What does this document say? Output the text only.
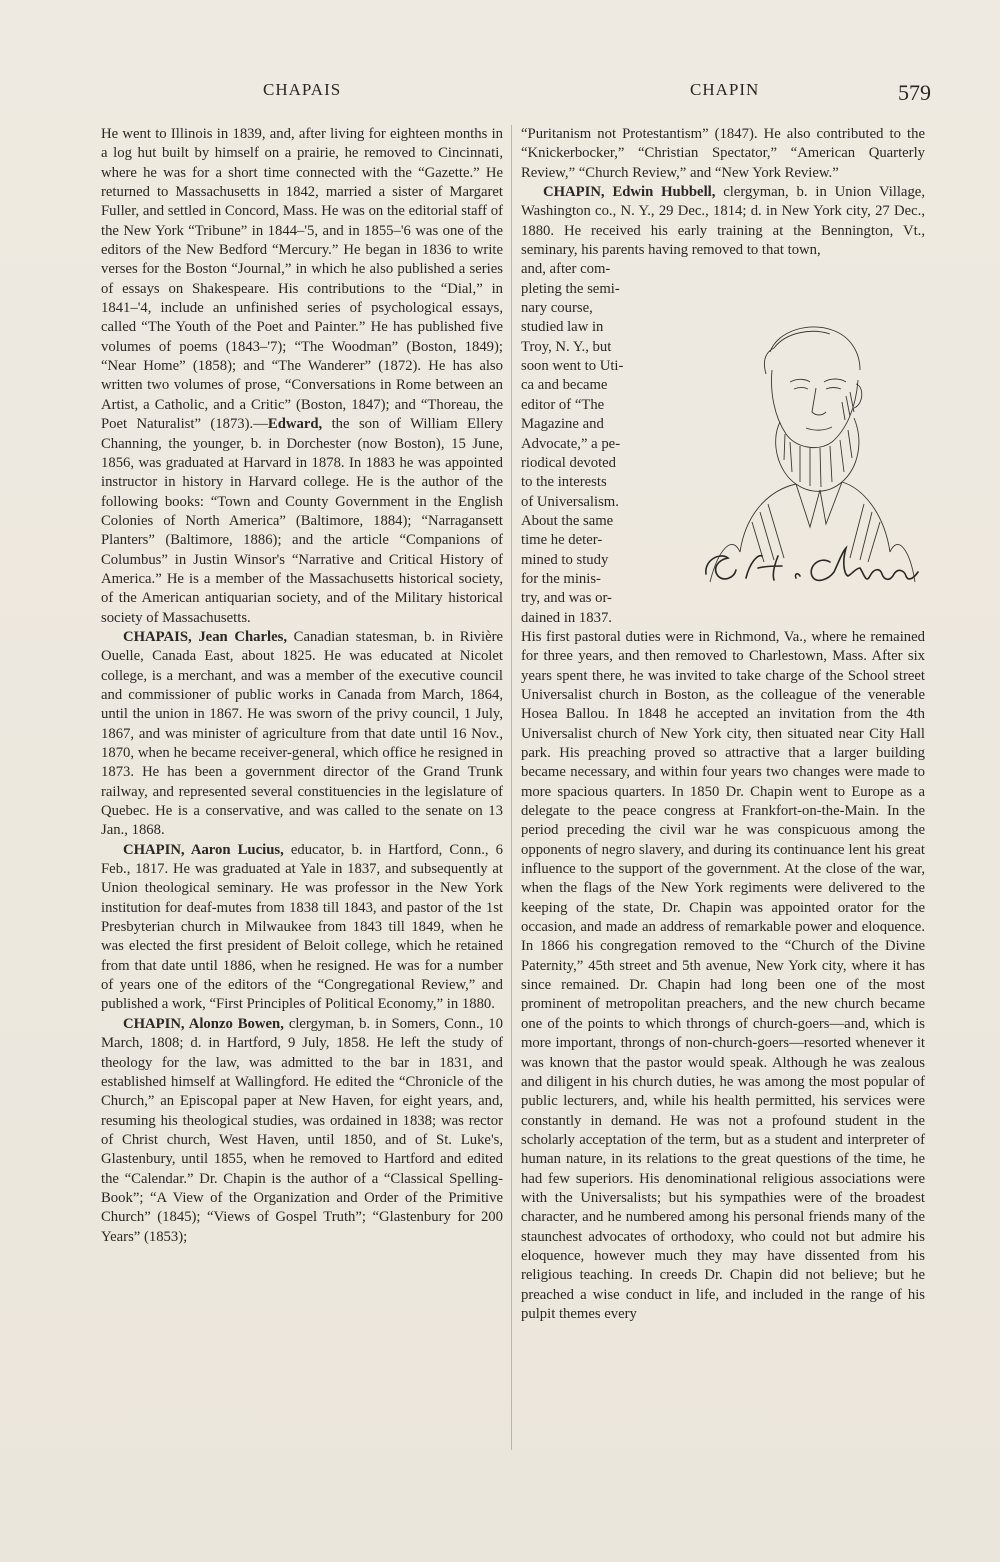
CHAPAIS	CHAPIN	579

He went to Illinois in 1839, and, after living for eighteen months in a log hut built by himself on a prairie, he removed to Cincinnati, where he was for a short time connected with the “Gazette.” He returned to Massachusetts in 1842, married a sister of Margaret Fuller, and settled in Concord, Mass. He was on the editorial staff of the New York “Tribune” in 1844–'5, and in 1855–'6 was one of the editors of the New Bedford “Mercury.” He began in 1836 to write verses for the Boston “Journal,” in which he also published a series of essays on Shakespeare. His contributions to the “Dial,” in 1841–'4, include an unfinished series of psychological essays, called “The Youth of the Poet and Painter.” He has published five volumes of poems (1843–'7); “The Woodman” (Boston, 1849); “Near Home” (1858); and “The Wanderer” (1872). He has also written two volumes of prose, “Conversations in Rome between an Artist, a Catholic, and a Critic” (Boston, 1847); and “Thoreau, the Poet Naturalist” (1873).—Edward, the son of William Ellery Channing, the younger, b. in Dorchester (now Boston), 15 June, 1856, was graduated at Harvard in 1878. In 1883 he was appointed instructor in history in Harvard college. He is the author of the following books: “Town and County Government in the English Colonies of North America” (Baltimore, 1884); “Narragansett Planters” (Baltimore, 1886); and the article “Companions of Columbus” in Justin Winsor's “Narrative and Critical History of America.” He is a member of the Massachusetts historical society, of the American antiquarian society, and of the Military historical society of Massachusetts.

CHAPAIS, Jean Charles, Canadian statesman, b. in Rivière Ouelle, Canada East, about 1825. He was educated at Nicolet college, is a merchant, and was a member of the executive council and commissioner of public works in Canada from March, 1864, until the union in 1867. He was sworn of the privy council, 1 July, 1867, and was minister of agriculture from that date until 16 Nov., 1870, when he became receiver-general, which office he resigned in 1873. He has been a government director of the Grand Trunk railway, and represented several constituencies in the legislature of Quebec. He is a conservative, and was called to the senate on 13 Jan., 1868.

CHAPIN, Aaron Lucius, educator, b. in Hartford, Conn., 6 Feb., 1817. He was graduated at Yale in 1837, and subsequently at Union theological seminary. He was professor in the New York institution for deaf-mutes from 1838 till 1843, and pastor of the 1st Presbyterian church in Milwaukee from 1843 till 1849, when he was elected the first president of Beloit college, which he retained from that date until 1886, when he resigned. He was for a number of years one of the editors of the “Congregational Review,” and published a work, “First Principles of Political Economy,” in 1880.

CHAPIN, Alonzo Bowen, clergyman, b. in Somers, Conn., 10 March, 1808; d. in Hartford, 9 July, 1858. He left the study of theology for the law, was admitted to the bar in 1831, and established himself at Wallingford. He edited the “Chronicle of the Church,” an Episcopal paper at New Haven, for eight years, and, resuming his theological studies, was ordained in 1838; was rector of Christ church, West Haven, until 1850, and of St. Luke's, Glastenbury, until 1855, when he removed to Hartford and edited the “Calendar.” Dr. Chapin is the author of a “Classical Spelling-Book”; “A View of the Organization and Order of the Primitive Church” (1845); “Views of Gospel Truth”; “Glastenbury for 200 Years” (1853);

“Puritanism not Protestantism” (1847). He also contributed to the “Knickerbocker,” “Christian Spectator,” “American Quarterly Review,” “Church Review,” and “New York Review.”

CHAPIN, Edwin Hubbell, clergyman, b. in Union Village, Washington co., N. Y., 29 Dec., 1814; d. in New York city, 27 Dec., 1880. He received his early training at the Bennington, Vt., seminary, his parents having removed to that town,

and, after com-
pleting the semi-
nary course,
studied law in
Troy, N. Y., but
soon went to Uti-
ca and became
editor of “The
Magazine and
Advocate,” a pe-
riodical devoted
to the interests
of Universalism.
About the same
time he deter-
mined to study
for the minis-
try, and was or-
dained in 1837.

His first pastoral duties were in Richmond, Va., where he remained for three years, and then removed to Charlestown, Mass. After six years spent there, he was invited to take charge of the School street Universalist church in Boston, as the colleague of the venerable Hosea Ballou. In 1848 he accepted an invitation from the 4th Universalist church of New York city, then situated near City Hall park. His preaching proved so attractive that a larger building became necessary, and within four years two changes were made to more spacious quarters. In 1850 Dr. Chapin went to Europe as a delegate to the peace congress at Frankfort-on-the-Main. In the period preceding the civil war he was conspicuous among the opponents of negro slavery, and during its continuance lent his great influence to the support of the government. At the close of the war, when the flags of the New York regiments were delivered to the keeping of the state, Dr. Chapin was appointed orator for the occasion, and made an address of remarkable power and eloquence. In 1866 his congregation removed to the “Church of the Divine Paternity,” 45th street and 5th avenue, New York city, where it has since remained. Dr. Chapin had long been one of the most prominent of metropolitan preachers, and the new church became one of the points to which throngs of church-goers—and, which is more important, throngs of non-church-goers—resorted whenever it was known that the pastor would speak. Although he was zealous and diligent in his church duties, he was among the most popular of public lecturers, and, while his health permitted, his services were constantly in demand. He was not a profound student in the scholarly acceptation of the term, but as a student and interpreter of human nature, in its relations to the great questions of the time, he had few superiors. His denominational religious associations were with the Universalists; but his sympathies were of the broadest character, and he numbered among his personal friends many of the staunchest advocates of orthodoxy, who could not but admire his eloquence, however much they may have dissented from his religious teaching. In creeds Dr. Chapin did not believe; but he preached a wise conduct in life, and included in the range of his pulpit themes every
